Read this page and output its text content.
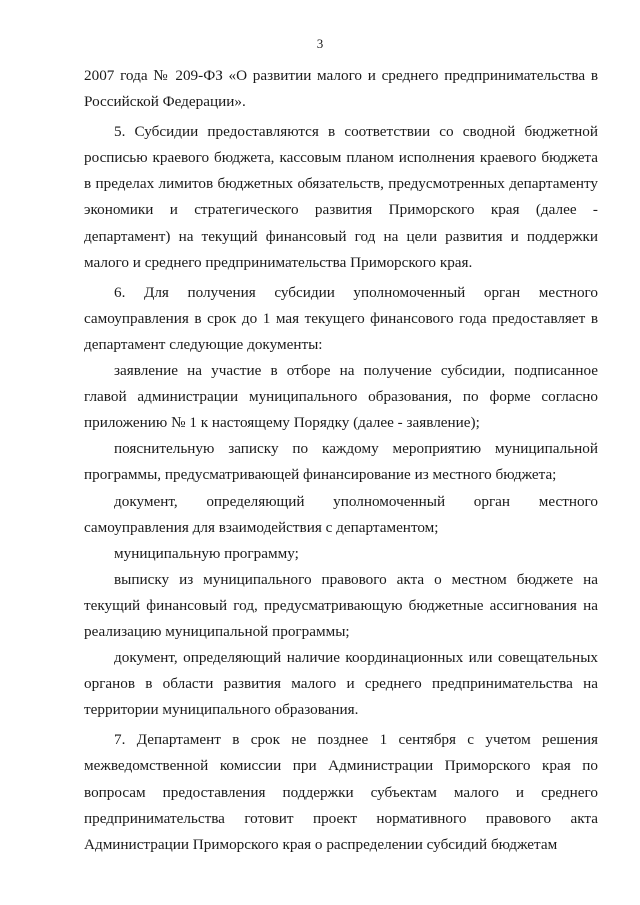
3

2007 года № 209-ФЗ «О развитии малого и среднего предпринимательства в Российской Федерации».

5. Субсидии предоставляются в соответствии со сводной бюджетной росписью краевого бюджета, кассовым планом исполнения краевого бюджета в пределах лимитов бюджетных обязательств, предусмотренных департаменту экономики и стратегического развития Приморского края (далее - департамент) на текущий финансовый год на цели развития и поддержки малого и среднего предпринимательства Приморского края.

6. Для получения субсидии уполномоченный орган местного самоуправления в срок до 1 мая текущего финансового года предоставляет в департамент следующие документы:

заявление на участие в отборе на получение субсидии, подписанное главой администрации муниципального образования, по форме согласно приложению № 1 к настоящему Порядку (далее - заявление);

пояснительную записку по каждому мероприятию муниципальной программы, предусматривающей финансирование из местного бюджета;

документ, определяющий уполномоченный орган местного самоуправления для взаимодействия с департаментом;

муниципальную программу;

выписку из муниципального правового акта о местном бюджете на текущий финансовый год, предусматривающую бюджетные ассигнования на реализацию муниципальной программы;

документ, определяющий наличие координационных или совещательных органов в области развития малого и среднего предпринимательства на территории муниципального образования.

7. Департамент в срок не позднее 1 сентября с учетом решения межведомственной комиссии при Администрации Приморского края по вопросам предоставления поддержки субъектам малого и среднего предпринимательства готовит проект нормативного правового акта Администрации Приморского края о распределении субсидий бюджетам
